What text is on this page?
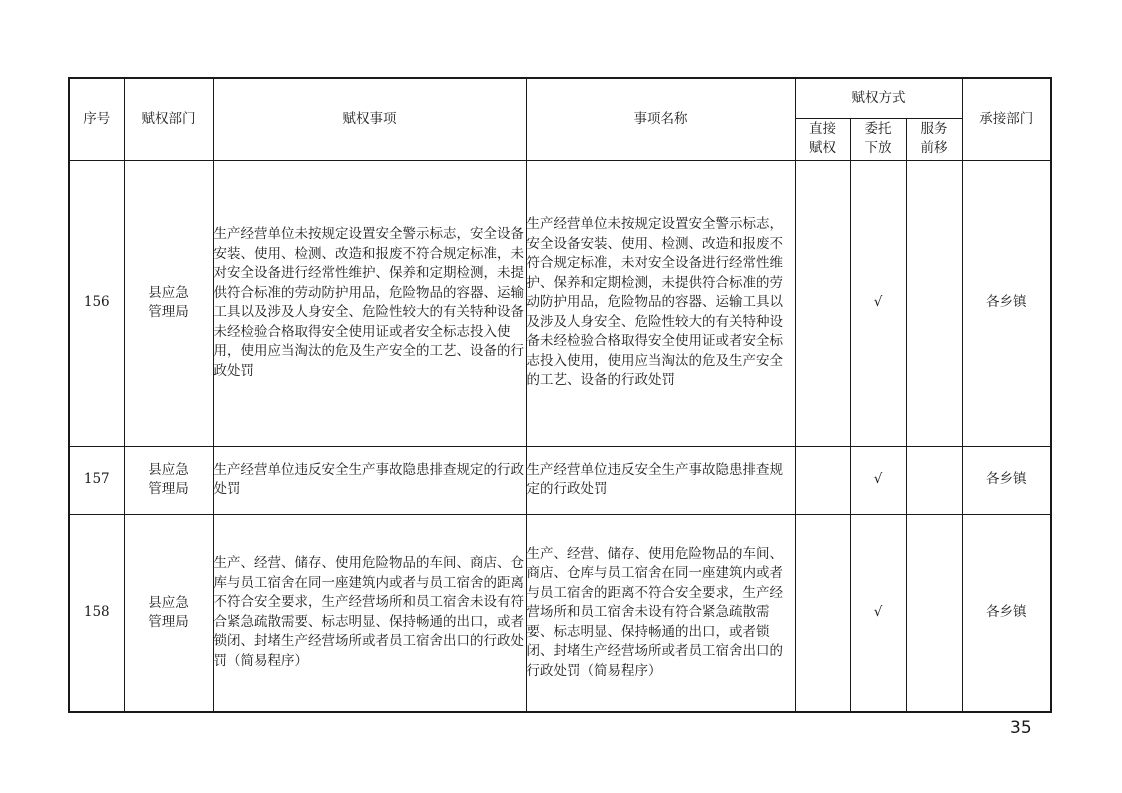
序号	赋权部门	赋权事项	事项名称	赋权方式			承接部门
				直接赋权	委托下放	服务前移	
156	县应急管理局	生产经营单位未按规定设置安全警示标志，安全设备安装、使用、检测、改造和报废不符合规定标准，未对安全设备进行经常性维护、保养和定期检测，未提供符合标准的劳动防护用品，危险物品的容器、运输工具以及涉及人身安全、危险性较大的有关特种设备未经检验合格取得安全使用证或者安全标志投入使用，使用应当淘汰的危及生产安全的工艺、设备的行政处罚	生产经营单位未按规定设置安全警示标志，安全设备安装、使用、检测、改造和报废不符合规定标准，未对安全设备进行经常性维护、保养和定期检测，未提供符合标准的劳动防护用品，危险物品的容器、运输工具以及涉及人身安全、危险性较大的有关特种设备未经检验合格取得安全使用证或者安全标志投入使用，使用应当淘汰的危及生产安全的工艺、设备的行政处罚		√		各乡镇
157	县应急管理局	生产经营单位违反安全生产事故隐患排查规定的行政处罚	生产经营单位违反安全生产事故隐患排查规定的行政处罚		√		各乡镇
158	县应急管理局	生产、经营、储存、使用危险物品的车间、商店、仓库与员工宿舍在同一座建筑内或者与员工宿舍的距离不符合安全要求，生产经营场所和员工宿舍未设有符合紧急疏散需要、标志明显、保持畅通的出口，或者锁闭、封堵生产经营场所或者员工宿舍出口的行政处罚（简易程序）	生产、经营、储存、使用危险物品的车间、商店、仓库与员工宿舍在同一座建筑内或者与员工宿舍的距离不符合安全要求，生产经营场所和员工宿舍未设有符合紧急疏散需要、标志明显、保持畅通的出口，或者锁闭、封堵生产经营场所或者员工宿舍出口的行政处罚（简易程序）		√		各乡镇
35
